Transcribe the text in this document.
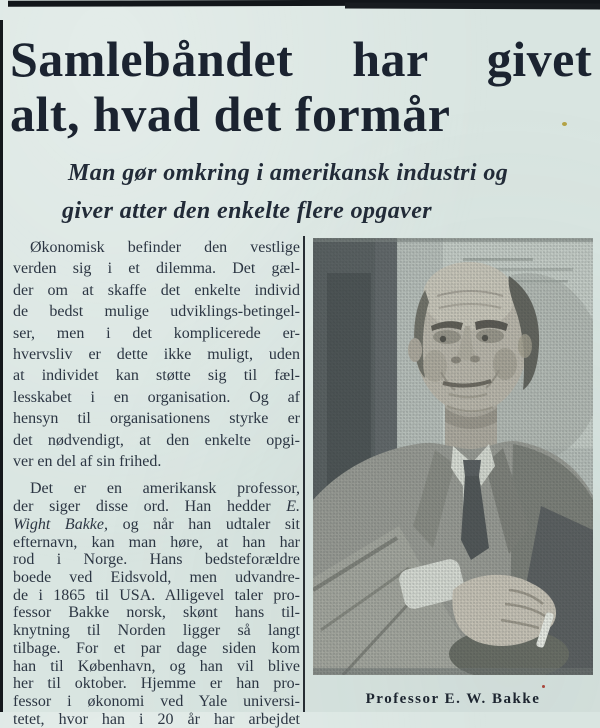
Samlebåndet har givet
alt, hvad det formår
Man gør omkring i amerikansk industri og
giver atter den enkelte flere opgaver
Økonomisk befinder den vestlige
verden sig i et dilemma. Det gæl-
der om at skaffe det enkelte individ
de bedst mulige udviklings-betingel-
ser, men i det komplicerede er-
hvervsliv er dette ikke muligt, uden
at individet kan støtte sig til fæl-
lesskabet i en organisation. Og af
hensyn til organisationens styrke er
det nødvendigt, at den enkelte opgi-
ver en del af sin frihed.
Det er en amerikansk professor,
der siger disse ord. Han hedder E.
Wight Bakke, og når han udtaler sit
efternavn, kan man høre, at han har
rod i Norge. Hans bedsteforældre
boede ved Eidsvold, men udvandre-
de i 1865 til USA. Alligevel taler pro-
fessor Bakke norsk, skønt hans til-
knytning til Norden ligger så langt
tilbage. For et par dage siden kom
han til København, og han vil blive
her til oktober. Hjemme er han pro-
fessor i økonomi ved Yale universi-
tetet, hvor han i 20 år har arbejdet
Professor E. W. Bakke
